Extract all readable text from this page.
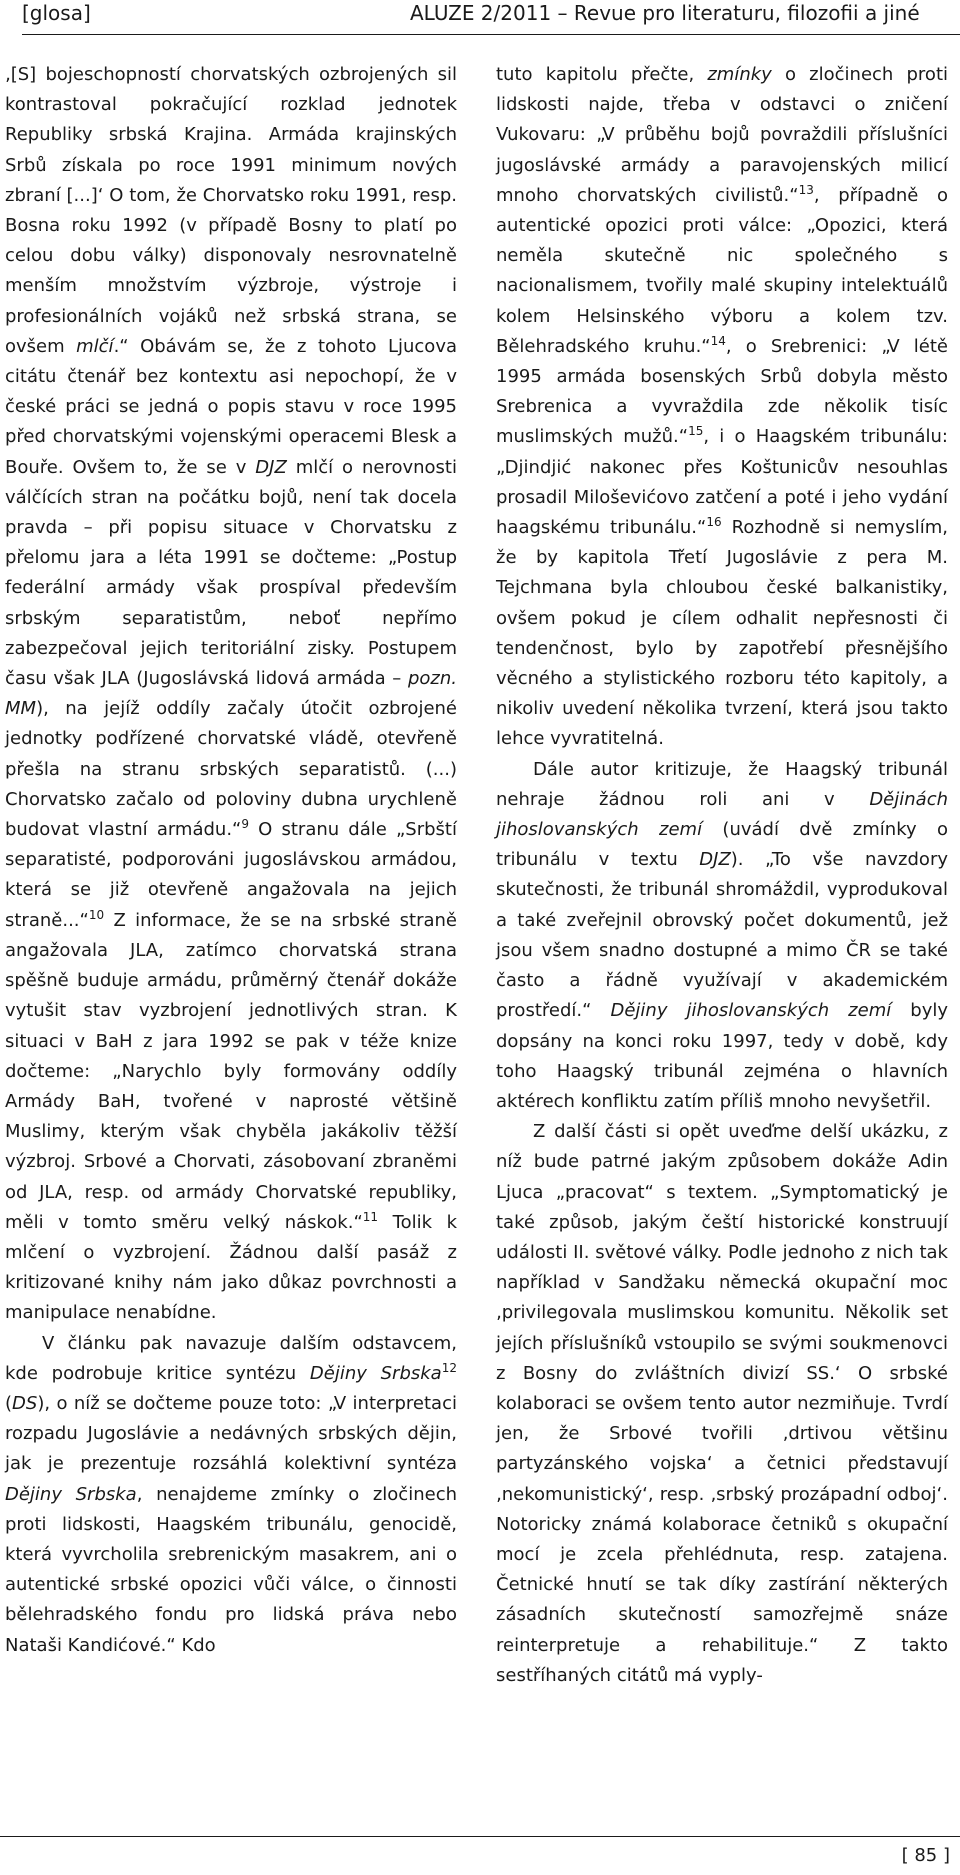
[glosa]	ALUZE 2/2011 – Revue pro literaturu, filozofii a jiné

‚[S] bojeschopností chorvatských ozbrojených sil kontrastoval pokračující rozklad jednotek Republiky srbská Krajina. Armáda krajinských Srbů získala po roce 1991 minimum nových zbraní [...]‘ O tom, že Chorvatsko roku 1991, resp. Bosna roku 1992 (v případě Bosny to platí po celou dobu války) disponovaly nesrovnatelně menším množstvím výzbroje, výstroje i profesionálních vojáků než srbská strana, se ovšem mlčí.“ Obávám se, že z tohoto Ljucova citátu čtenář bez kontextu asi nepochopí, že v české práci se jedná o popis stavu v roce 1995 před chorvatskými vojenskými operacemi Blesk a Bouře. Ovšem to, že se v DJZ mlčí o nerovnosti válčících stran na počátku bojů, není tak docela pravda – při popisu situace v Chorvatsku z přelomu jara a léta 1991 se dočteme: „Postup federální armády však prospíval především srbským separatistům, neboť nepřímo zabezpečoval jejich teritoriální zisky. Postupem času však JLA (Jugoslávská lidová armáda – pozn. MM), na jejíž oddíly začaly útočit ozbrojené jednotky podřízené chorvatské vládě, otevřeně přešla na stranu srbských separatistů. (...) Chorvatsko začalo od poloviny dubna urychleně budovat vlastní armádu.“$^9$ O stranu dále „Srbští separatisté, podporováni jugoslávskou armádou, která se již otevřeně angažovala na jejich straně...“$^{10}$ Z informace, že se na srbské straně angažovala JLA, zatímco chorvatská strana spěšně buduje armádu, průměrný čtenář dokáže vytušit stav vyzbrojení jednotlivých stran. K situaci v BaH z jara 1992 se pak v téže knize dočteme: „Narychlo byly formovány oddíly Armády BaH, tvořené v naprosté většině Muslimy, kterým však chyběla jakákoliv těžší výzbroj. Srbové a Chorvati, zásobovaní zbraněmi od JLA, resp. od armády Chorvatské republiky, měli v tomto směru velký náskok.“$^{11}$ Tolik k mlčení o vyzbrojení. Žádnou další pasáž z kritizované knihy nám jako důkaz povrchnosti a manipulace nenabídne.

V článku pak navazuje dalším odstavcem, kde podrobuje kritice syntézu Dějiny Srbska$^{12}$ (DS), o níž se dočteme pouze toto: „V interpretaci rozpadu Jugoslávie a nedávných srbských dějin, jak je prezentuje rozsáhlá kolektivní syntéza Dějiny Srbska, nenajdeme zmínky o zločinech proti lidskosti, Haagském tribunálu, genocidě, která vyvrcholila srebrenickým masakrem, ani o autentické srbské opozici vůči válce, o činnosti bělehradského fondu pro lidská práva nebo Nataši Kandićové.“ Kdo

tuto kapitolu přečte, zmínky o zločinech proti lidskosti najde, třeba v odstavci o zničení Vukovaru: „V průběhu bojů povraždili příslušníci jugoslávské armády a paravojenských milicí mnoho chorvatských civilistů.“$^{13}$, případně o autentické opozici proti válce: „Opozici, která neměla skutečně nic společného s nacionalismem, tvořily malé skupiny intelektuálů kolem Helsinského výboru a kolem tzv. Bělehradského kruhu.“$^{14}$, o Srebrenici: „V létě 1995 armáda bosenských Srbů dobyla město Srebrenica a vyvraždila zde několik tisíc muslimských mužů.“$^{15}$, i o Haagském tribunálu: „Djindjić nakonec přes Koštunicův nesouhlas prosadil Miloševićovo zatčení a poté i jeho vydání haagskému tribunálu.“$^{16}$ Rozhodně si nemyslím, že by kapitola Třetí Jugoslávie z pera M. Tejchmana byla chloubou české balkanistiky, ovšem pokud je cílem odhalit nepřesnosti či tendenčnost, bylo by zapotřebí přesnějšího věcného a stylistického rozboru této kapitoly, a nikoliv uvedení několika tvrzení, která jsou takto lehce vyvratitelná.

Dále autor kritizuje, že Haagský tribunál nehraje žádnou roli ani v Dějinách jihoslovanských zemí (uvádí dvě zmínky o tribunálu v textu DJZ). „To vše navzdory skutečnosti, že tribunál shromáždil, vyprodukoval a také zveřejnil obrovský počet dokumentů, jež jsou všem snadno dostupné a mimo ČR se také často a řádně využívají v akademickém prostředí.“ Dějiny jihoslovanských zemí byly dopsány na konci roku 1997, tedy v době, kdy toho Haagský tribunál zejména o hlavních aktérech konfliktu zatím příliš mnoho nevyšetřil.

Z další části si opět uveďme delší ukázku, z níž bude patrné jakým způsobem dokáže Adin Ljuca „pracovat“ s textem. „Symptomatický je také způsob, jakým čeští historické konstruují události II. světové války. Podle jednoho z nich tak například v Sandžaku německá okupační moc ‚privilegovala muslimskou komunitu. Několik set jejích příslušníků vstoupilo se svými soukmenovci z Bosny do zvláštních divizí SS.‘ O srbské kolaboraci se ovšem tento autor nezmiňuje. Tvrdí jen, že Srbové tvořili ‚drtivou většinu partyzánského vojska‘ a četnici představují ‚nekomunistický‘, resp. ‚srbský prozápadní odboj‘. Notoricky známá kolaborace četniků s okupační mocí je zcela přehlédnuta, resp. zatajena. Četnické hnutí se tak díky zastírání některých zásadních skutečností samozřejmě snáze reinterpretuje a rehabilituje.“ Z takto sestříhaných citátů má vyply-

[ 85 ]
